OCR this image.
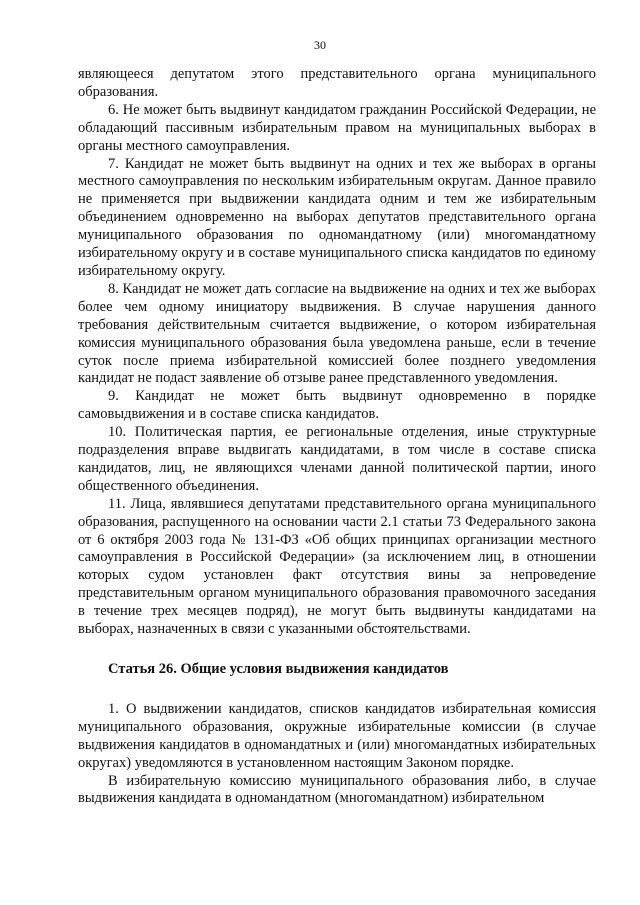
30

являющееся депутатом этого представительного органа муниципального образования.

6. Не может быть выдвинут кандидатом гражданин Российской Федерации, не обладающий пассивным избирательным правом на муниципальных выборах в органы местного самоуправления.

7. Кандидат не может быть выдвинут на одних и тех же выборах в органы местного самоуправления по нескольким избирательным округам. Данное правило не применяется при выдвижении кандидата одним и тем же избирательным объединением одновременно на выборах депутатов представительного органа муниципального образования по одномандатному (или) многомандатному избирательному округу и в составе муниципального списка кандидатов по единому избирательному округу.

8. Кандидат не может дать согласие на выдвижение на одних и тех же выборах более чем одному инициатору выдвижения. В случае нарушения данного требования действительным считается выдвижение, о котором избирательная комиссия муниципального образования была уведомлена раньше, если в течение суток после приема избирательной комиссией более позднего уведомления кандидат не подаст заявление об отзыве ранее представленного уведомления.

9. Кандидат не может быть выдвинут одновременно в порядке самовыдвижения и в составе списка кандидатов.

10. Политическая партия, ее региональные отделения, иные структурные подразделения вправе выдвигать кандидатами, в том числе в составе списка кандидатов, лиц, не являющихся членами данной политической партии, иного общественного объединения.

11. Лица, являвшиеся депутатами представительного органа муниципального образования, распущенного на основании части 2.1 статьи 73 Федерального закона от 6 октября 2003 года № 131-ФЗ «Об общих принципах организации местного самоуправления в Российской Федерации» (за исключением лиц, в отношении которых судом установлен факт отсутствия вины за непроведение представительным органом муниципального образования правомочного заседания в течение трех месяцев подряд), не могут быть выдвинуты кандидатами на выборах, назначенных в связи с указанными обстоятельствами.

Статья 26. Общие условия выдвижения кандидатов

1. О выдвижении кандидатов, списков кандидатов избирательная комиссия муниципального образования, окружные избирательные комиссии (в случае выдвижения кандидатов в одномандатных и (или) многомандатных избирательных округах) уведомляются в установленном настоящим Законом порядке.

В избирательную комиссию муниципального образования либо, в случае выдвижения кандидата в одномандатном (многомандатном) избирательном
